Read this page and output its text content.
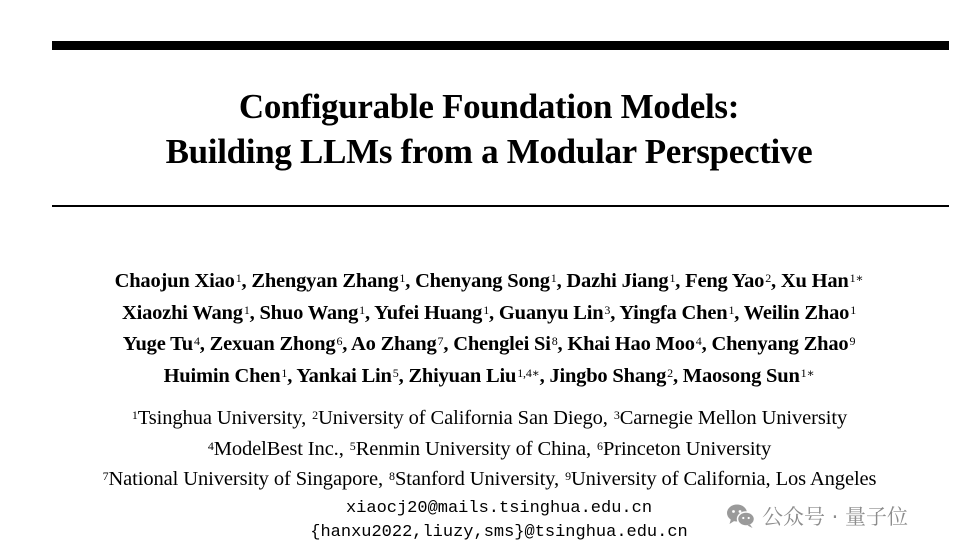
Configurable Foundation Models:
Building LLMs from a Modular Perspective
Chaojun Xiao$^1$, Zhengyan Zhang$^1$, Chenyang Song$^1$, Dazhi Jiang$^1$, Feng Yao$^2$, Xu Han$^{1∗}$
Xiaozhi Wang$^1$, Shuo Wang$^1$, Yufei Huang$^1$, Guanyu Lin$^3$, Yingfa Chen$^1$, Weilin Zhao$^1$
Yuge Tu$^4$, Zexuan Zhong$^6$, Ao Zhang$^7$, Chenglei Si$^8$, Khai Hao Moo$^4$, Chenyang Zhao$^9$
Huimin Chen$^1$, Yankai Lin$^5$, Zhiyuan Liu$^{1,4∗}$, Jingbo Shang$^2$, Maosong Sun$^{1∗}$
$^1$Tsinghua University, $^2$University of California San Diego, $^3$Carnegie Mellon University
$^4$ModelBest Inc., $^5$Renmin University of China, $^6$Princeton University
$^7$National University of Singapore, $^8$Stanford University, $^9$University of California, Los Angeles
xiaocj20@mails.tsinghua.edu.cn
{hanxu2022,liuzy,sms}@tsinghua.edu.cn
公众号 · 量子位
